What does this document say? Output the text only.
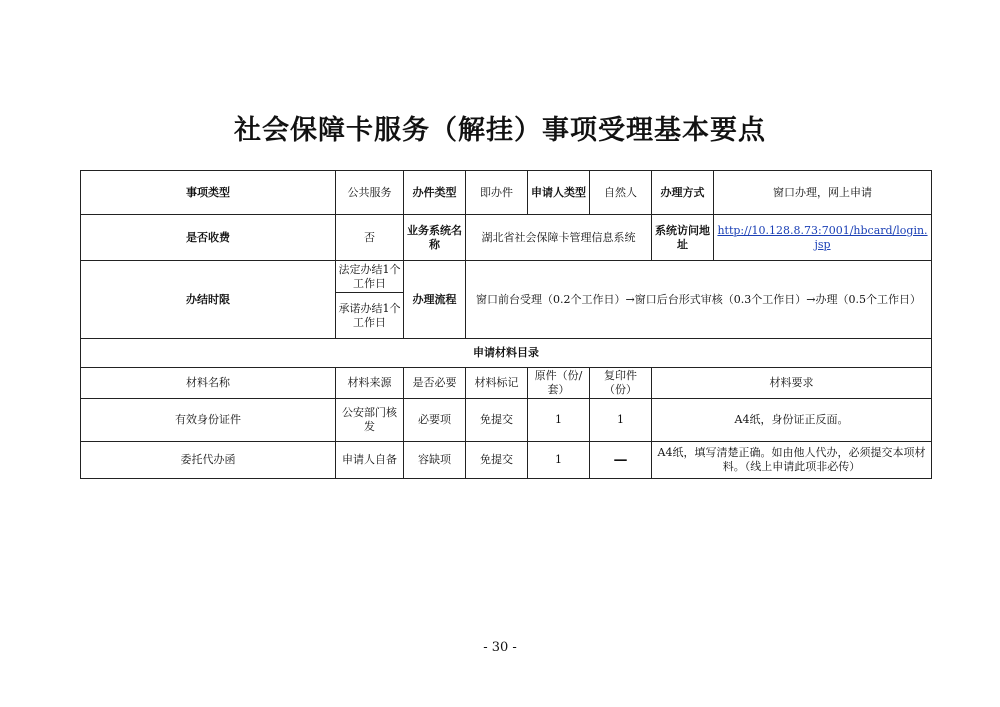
社会保障卡服务（解挂）事项受理基本要点
事项类型	公共服务	办件类型	即办件	申请人类型	自然人	办理方式	窗口办理，网上申请
是否收费	否	业务系统名称	湖北省社会保障卡管理信息系统			系统访问地址	http://10.128.8.73:7001/hbcard/login.jsp
办结时限	法定办结1个工作日	办理流程	窗口前台受理（0.2个工作日）→窗口后台形式审核（0.3个工作日）→办理（0.5个工作日）				
	承诺办结1个工作日						
申请材料目录							
材料名称	材料来源	是否必要	材料标记	原件（份/套）	复印件（份）	材料要求	
有效身份证件	公安部门核发	必要项	免提交	1	1	A4纸，身份证正反面。	
委托代办函	申请人自备	容缺项	免提交	1	—	A4纸，填写清楚正确。如由他人代办，必须提交本项材料。（线上申请此项非必传）	
- 30 -
